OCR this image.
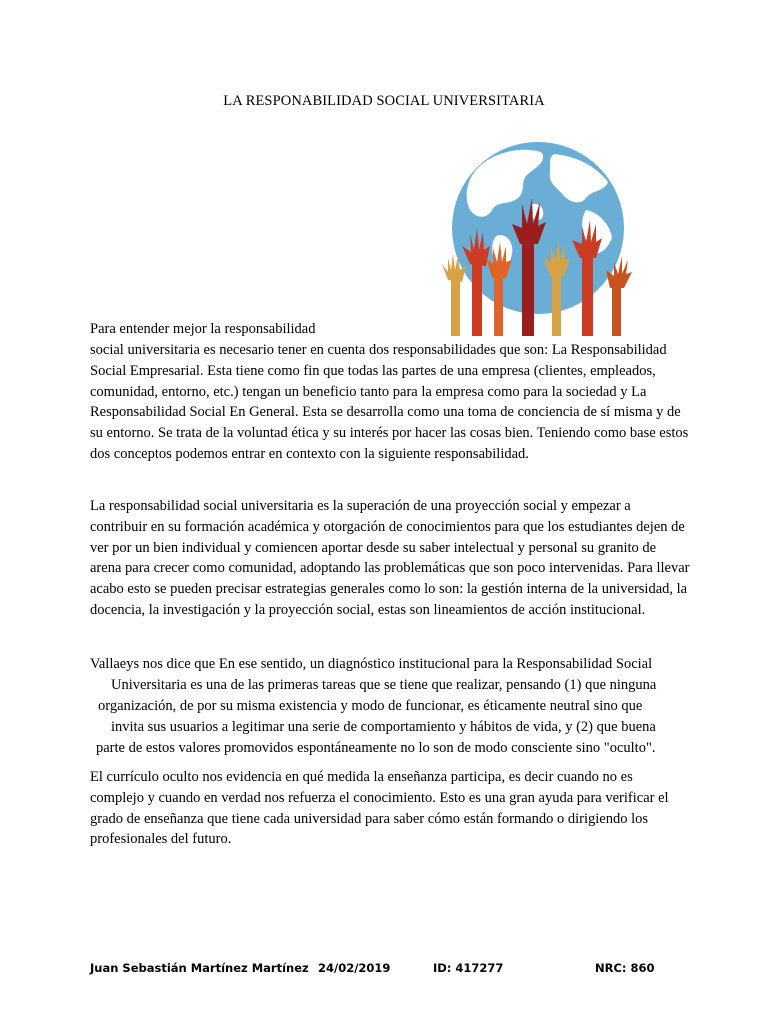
LA RESPONABILIDAD SOCIAL UNIVERSITARIA
Para entender mejor la responsabilidad
social universitaria es necesario tener en cuenta dos responsabilidades que son: La Responsabilidad Social Empresarial. Esta tiene como fin que todas las partes de una empresa (clientes, empleados, comunidad, entorno, etc.) tengan un beneficio tanto para la empresa como para la sociedad y La Responsabilidad Social En General. Esta se desarrolla como una toma de conciencia de sí misma y de su entorno. Se trata de la voluntad ética y su interés por hacer las cosas bien. Teniendo como base estos dos conceptos podemos entrar en contexto con la siguiente responsabilidad.
La responsabilidad social universitaria es la superación de una proyección social y empezar a contribuir en su formación académica y otorgación de conocimientos para que los estudiantes dejen de ver por un bien individual y comiencen aportar desde su saber intelectual y personal su granito de arena para crecer como comunidad, adoptando las problemáticas que son poco intervenidas. Para llevar acabo esto se pueden precisar estrategias generales como lo son: la gestión interna de la universidad, la docencia, la investigación y la proyección social, estas son lineamientos de acción institucional.
Vallaeys nos dice que En ese sentido, un diagnóstico institucional para la Responsabilidad Social
Universitaria es una de las primeras tareas que se tiene que realizar, pensando (1) que ninguna
organización, de por su misma existencia y modo de funcionar, es éticamente neutral sino que
invita sus usuarios a legitimar una serie de comportamiento y hábitos de vida, y (2) que buena
parte de estos valores promovidos espontáneamente no lo son de modo consciente sino "oculto".
El currículo oculto nos evidencia en qué medida la enseñanza participa, es decir cuando no es complejo y cuando en verdad nos refuerza el conocimiento. Esto es una gran ayuda para verificar el grado de enseñanza que tiene cada universidad para saber cómo están formando o dirigiendo los profesionales del futuro.
Juan Sebastián Martínez Martínez 24/02/2019	ID: 417277	NRC: 860
